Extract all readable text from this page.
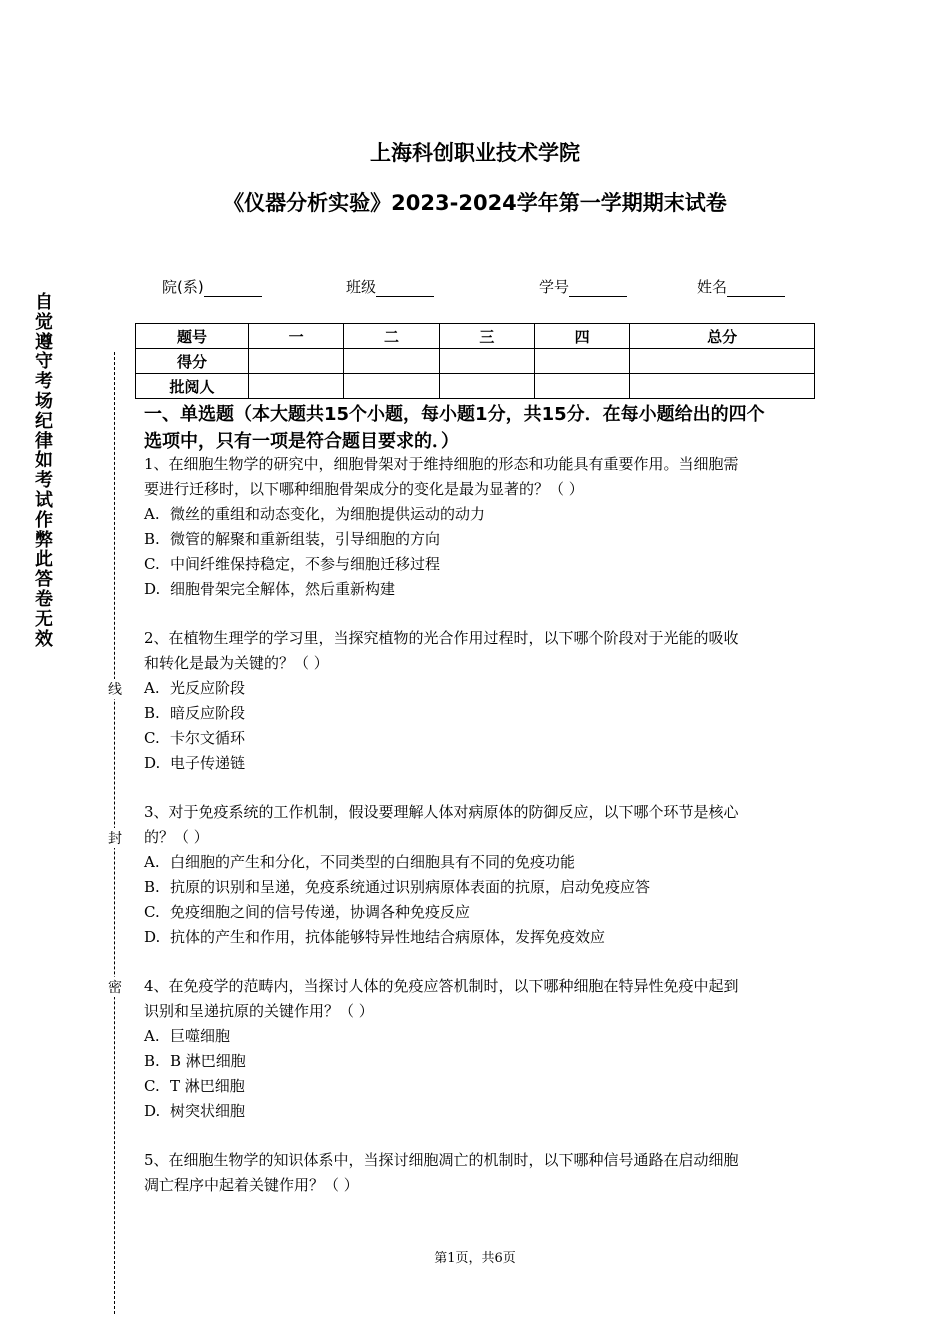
上海科创职业技术学院
《仪器分析实验》2023-2024学年第一学期期末试卷
院(系)	班级	学号	姓名
题号	一	二	三	四	总分
得分					
批阅人					
自
觉
遵
守
考
场
纪
律
如
考
试
作
弊
此
答
卷
无
效
线
封
密
一、单选题（本大题共15个小题，每小题1分，共15分．在每小题给出的四个
选项中，只有一项是符合题目要求的．）
1、在细胞生物学的研究中，细胞骨架对于维持细胞的形态和功能具有重要作用。当细胞需
要进行迁移时，以下哪种细胞骨架成分的变化是最为显著的？（ ）
A. 微丝的重组和动态变化，为细胞提供运动的动力
B. 微管的解聚和重新组装，引导细胞的方向
C. 中间纤维保持稳定，不参与细胞迁移过程
D. 细胞骨架完全解体，然后重新构建
2、在植物生理学的学习里，当探究植物的光合作用过程时，以下哪个阶段对于光能的吸收
和转化是最为关键的？（ ）
A. 光反应阶段
B. 暗反应阶段
C. 卡尔文循环
D. 电子传递链
3、对于免疫系统的工作机制，假设要理解人体对病原体的防御反应，以下哪个环节是核心
的？（ ）
A. 白细胞的产生和分化，不同类型的白细胞具有不同的免疫功能
B. 抗原的识别和呈递，免疫系统通过识别病原体表面的抗原，启动免疫应答
C. 免疫细胞之间的信号传递，协调各种免疫反应
D. 抗体的产生和作用，抗体能够特异性地结合病原体，发挥免疫效应
4、在免疫学的范畴内，当探讨人体的免疫应答机制时，以下哪种细胞在特异性免疫中起到
识别和呈递抗原的关键作用？（ ）
A. 巨噬细胞
B. B 淋巴细胞
C. T 淋巴细胞
D. 树突状细胞
5、在细胞生物学的知识体系中，当探讨细胞凋亡的机制时，以下哪种信号通路在启动细胞
凋亡程序中起着关键作用？（ ）
第1页，共6页
